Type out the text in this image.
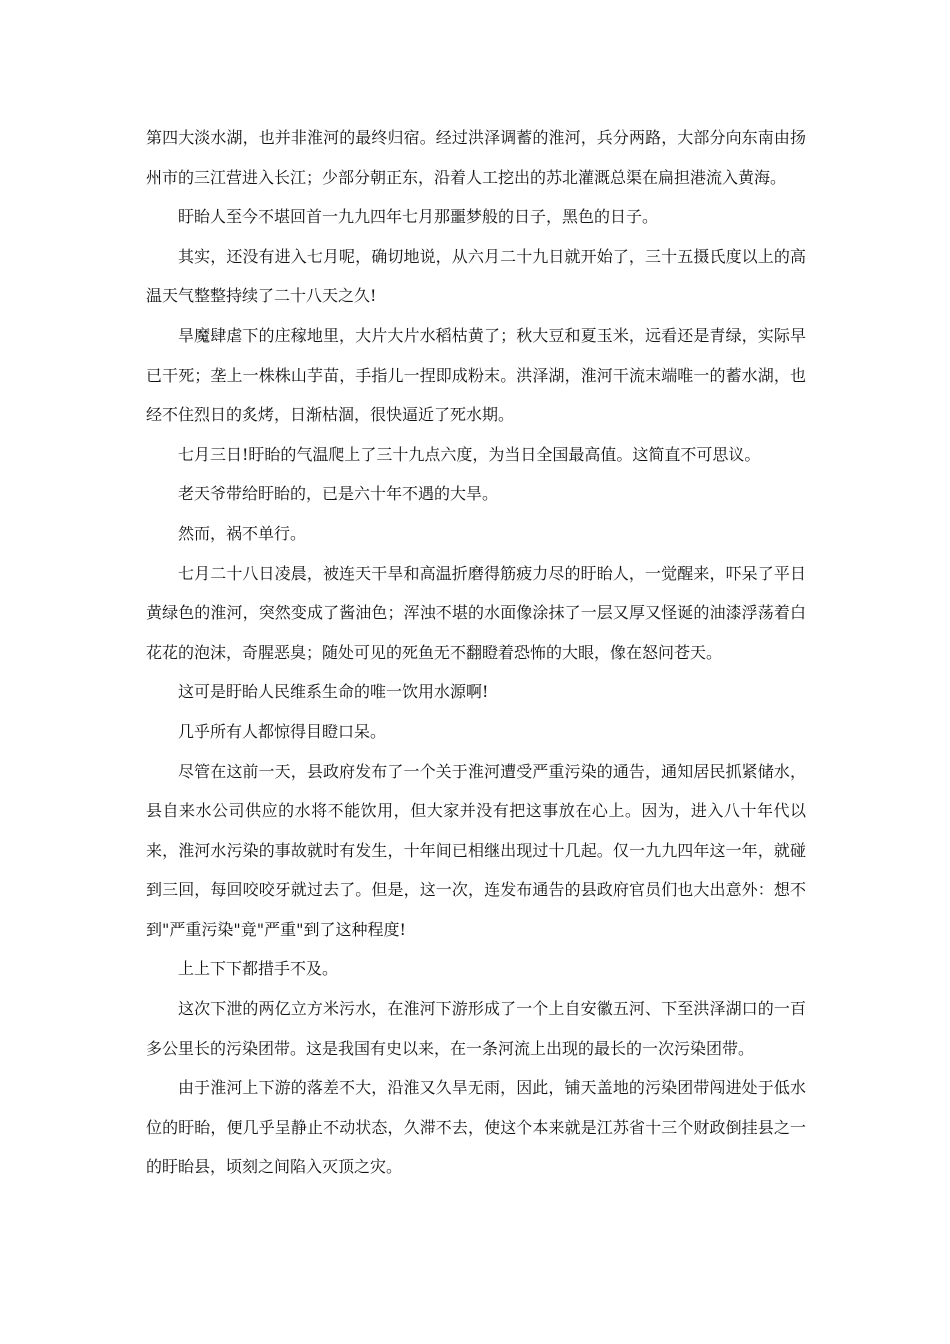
第四大淡水湖，也并非淮河的最终归宿。经过洪泽调蓄的淮河，兵分两路，大部分向东南由扬州市的三江营进入长江；少部分朝正东，沿着人工挖出的苏北灌溉总渠在扁担港流入黄海。

盱眙人至今不堪回首一九九四年七月那噩梦般的日子，黑色的日子。

其实，还没有进入七月呢，确切地说，从六月二十九日就开始了，三十五摄氏度以上的高温天气整整持续了二十八天之久!

旱魔肆虐下的庄稼地里，大片大片水稻枯黄了；秋大豆和夏玉米，远看还是青绿，实际早已干死；垄上一株株山芋苗，手指儿一捏即成粉末。洪泽湖，淮河干流末端唯一的蓄水湖，也经不住烈日的炙烤，日渐枯涸，很快逼近了死水期。

七月三日!盱眙的气温爬上了三十九点六度，为当日全国最高值。这简直不可思议。

老天爷带给盱眙的，已是六十年不遇的大旱。

然而，祸不单行。

七月二十八日凌晨，被连天干旱和高温折磨得筋疲力尽的盱眙人，一觉醒来，吓呆了平日黄绿色的淮河，突然变成了酱油色；浑浊不堪的水面像涂抹了一层又厚又怪诞的油漆浮荡着白花花的泡沫，奇腥恶臭；随处可见的死鱼无不翻瞪着恐怖的大眼，像在怒问苍天。

这可是盱眙人民维系生命的唯一饮用水源啊!

几乎所有人都惊得目瞪口呆。

尽管在这前一天，县政府发布了一个关于淮河遭受严重污染的通告，通知居民抓紧储水，县自来水公司供应的水将不能饮用，但大家并没有把这事放在心上。因为，进入八十年代以来，淮河水污染的事故就时有发生，十年间已相继出现过十几起。仅一九九四年这一年，就碰到三回，每回咬咬牙就过去了。但是，这一次，连发布通告的县政府官员们也大出意外：想不到"严重污染"竟"严重"到了这种程度!

上上下下都措手不及。

这次下泄的两亿立方米污水，在淮河下游形成了一个上自安徽五河、下至洪泽湖口的一百多公里长的污染团带。这是我国有史以来，在一条河流上出现的最长的一次污染团带。

由于淮河上下游的落差不大，沿淮又久旱无雨，因此，铺天盖地的污染团带闯进处于低水位的盱眙，便几乎呈静止不动状态，久滞不去，使这个本来就是江苏省十三个财政倒挂县之一的盱眙县，顷刻之间陷入灭顶之灾。
